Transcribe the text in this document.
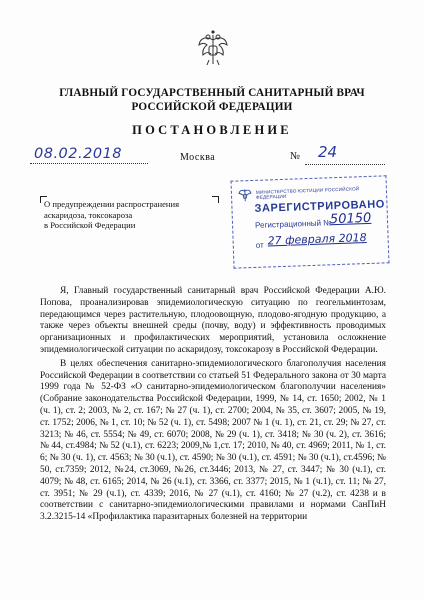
ГЛАВНЫЙ ГОСУДАРСТВЕННЫЙ САНИТАРНЫЙ ВРАЧ
РОССИЙСКОЙ ФЕДЕРАЦИИ
ПОСТАНОВЛЕНИЕ
08.02.2018	Москва	№ 24
О предупреждении распространения
аскаридоза, токсокароза
в Российской Федерации
МИНИСТЕРСТВО ЮСТИЦИИ РОССИЙСКОЙ ФЕДЕРАЦИИ
ЗАРЕГИСТРИРОВАНО
Регистрационный №
50150
от 27 февраля 2018

Я, Главный государственный санитарный врач Российской Федерации А.Ю. Попова, проанализировав эпидемиологическую ситуацию по геогельминтозам, передающимся через растительную, плодоовощную, плодово-ягодную продукцию, а также через объекты внешней среды (почву, воду) и эффективность проводимых организационных и профилактических мероприятий, установила осложнение эпидемиологической ситуации по аскаридозу, токсокарозу в Российской Федерации.

В целях обеспечения санитарно-эпидемиологического благополучия населения Российской Федерации в соответствии со статьей 51 Федерального закона от 30 марта 1999 года № 52-ФЗ «О санитарно-эпидемиологическом благополучии населения» (Собрание законодательства Российской Федерации, 1999, № 14, ст. 1650; 2002, № 1 (ч. 1), ст. 2; 2003, № 2, ст. 167; № 27 (ч. 1), ст. 2700; 2004, № 35, ст. 3607; 2005, № 19, ст. 1752; 2006, № 1, ст. 10; № 52 (ч. 1), ст. 5498; 2007 № 1 (ч. 1), ст. 21, ст. 29; № 27, ст. 3213; № 46, ст. 5554; № 49, ст. 6070; 2008, № 29 (ч. 1), ст. 3418; № 30 (ч. 2), ст. 3616; № 44, ст.4984; № 52 (ч.1), ст. 6223; 2009,№ 1,ст. 17; 2010, № 40, ст. 4969; 2011, № 1, ст. 6; № 30 (ч. 1), ст. 4563; № 30 (ч.1), ст. 4590; № 30 (ч.1), ст. 4591; № 30 (ч.1), ст.4596; № 50, ст.7359; 2012, №24, ст.3069, №26, ст.3446; 2013, № 27, ст. 3447; № 30 (ч.1), ст. 4079; № 48, ст. 6165; 2014, № 26 (ч.1), ст. 3366, ст. 3377; 2015, № 1 (ч.1), ст. 11; № 27, ст. 3951; № 29 (ч.1), ст. 4339; 2016, № 27 (ч.1), ст. 4160; № 27 (ч.2), ст. 4238 и в соответствии с санитарно-эпидемиологическими правилами и нормами СанПиН 3.2.3215-14 «Профилактика паразитарных болезней на территории
